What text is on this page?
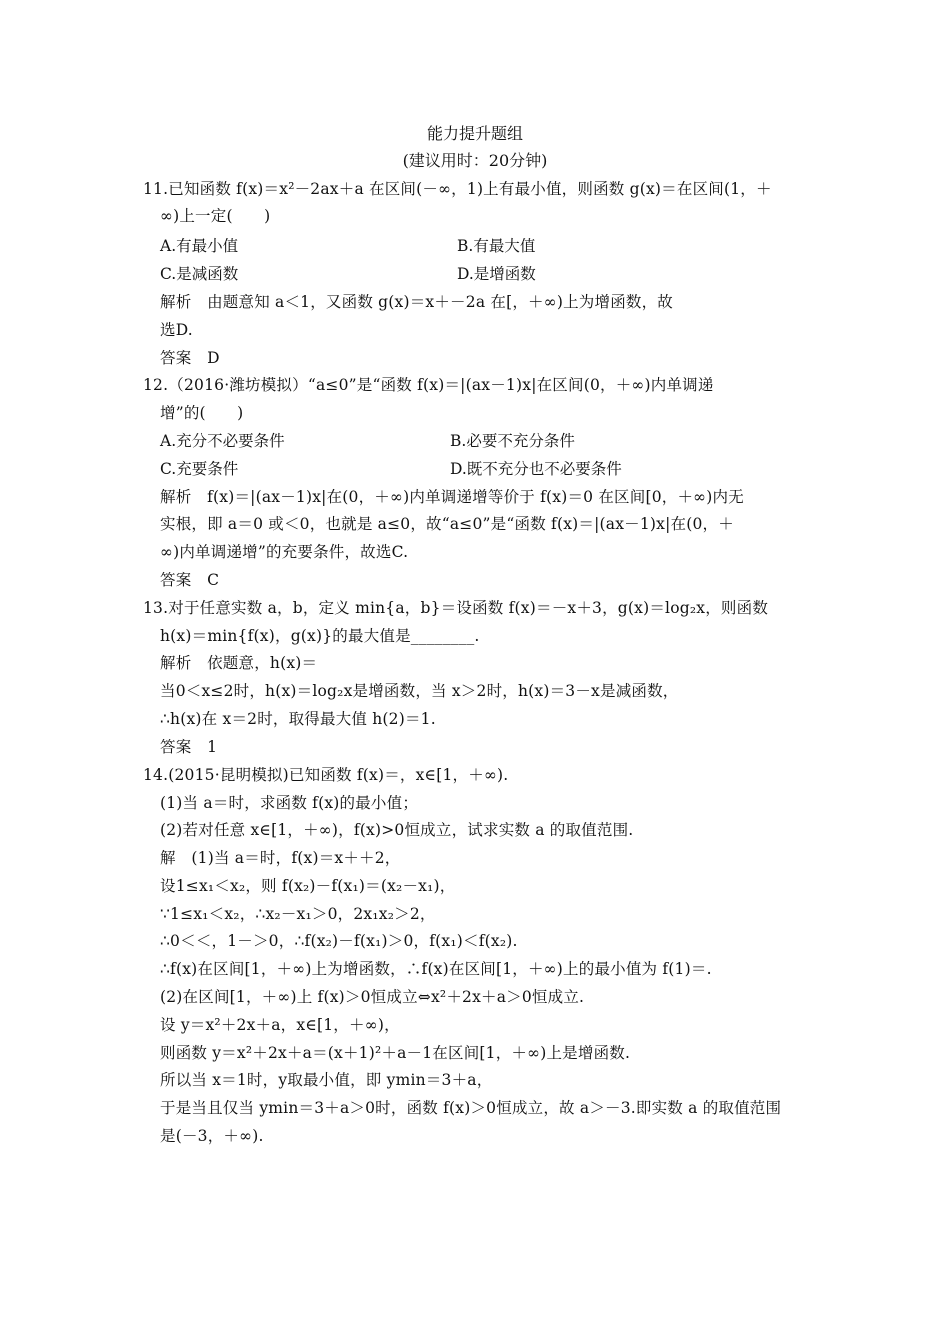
能力提升题组
(建议用时：20分钟)
11.已知函数 f(x)＝x²－2ax＋a 在区间(－∞，1)上有最小值，则函数 g(x)＝在区间(1，＋
∞)上一定(　　)
A.有最小值	B.有最大值
C.是减函数	D.是增函数
解析　由题意知 a＜1，又函数 g(x)＝x＋－2a 在[，＋∞)上为增函数，故
选D.
答案　D
12.（2016·潍坊模拟）“a≤0”是“函数 f(x)＝|(ax－1)x|在区间(0，＋∞)内单调递
增”的(　　)
A.充分不必要条件	B.必要不充分条件
C.充要条件	D.既不充分也不必要条件
解析　f(x)＝|(ax－1)x|在(0，＋∞)内单调递增等价于 f(x)＝0 在区间[0，＋∞)内无
实根，即 a＝0 或＜0，也就是 a≤0，故“a≤0”是“函数 f(x)＝|(ax－1)x|在(0，＋
∞)内单调递增”的充要条件，故选C.
答案　C
13.对于任意实数 a，b，定义 min{a，b}＝设函数 f(x)＝－x＋3，g(x)＝log₂x，则函数
h(x)＝min{f(x)，g(x)}的最大值是________.
解析　依题意，h(x)＝
当0＜x≤2时，h(x)＝log₂x是增函数，当 x＞2时，h(x)＝3－x是减函数，
∴h(x)在 x＝2时，取得最大值 h(2)＝1.
答案　1
14.(2015·昆明模拟)已知函数 f(x)＝，x∈[1，＋∞).
(1)当 a＝时，求函数 f(x)的最小值；
(2)若对任意 x∈[1，＋∞)，f(x)>0恒成立，试求实数 a 的取值范围.
解　(1)当 a＝时，f(x)＝x＋＋2，
设1≤x₁＜x₂，则 f(x₂)－f(x₁)＝(x₂－x₁)，
∵1≤x₁＜x₂，∴x₂－x₁＞0，2x₁x₂＞2，
∴0＜＜，1－＞0，∴f(x₂)－f(x₁)＞0，f(x₁)＜f(x₂).
∴f(x)在区间[1，＋∞)上为增函数，∴f(x)在区间[1，＋∞)上的最小值为 f(1)＝.
(2)在区间[1，＋∞)上 f(x)＞0恒成立⇔x²＋2x＋a＞0恒成立.
设 y＝x²＋2x＋a，x∈[1，＋∞)，
则函数 y＝x²＋2x＋a＝(x＋1)²＋a－1在区间[1，＋∞)上是增函数.
所以当 x＝1时，y取最小值，即 ymin＝3＋a，
于是当且仅当 ymin＝3＋a＞0时，函数 f(x)＞0恒成立，故 a＞－3.即实数 a 的取值范围
是(－3，＋∞).
